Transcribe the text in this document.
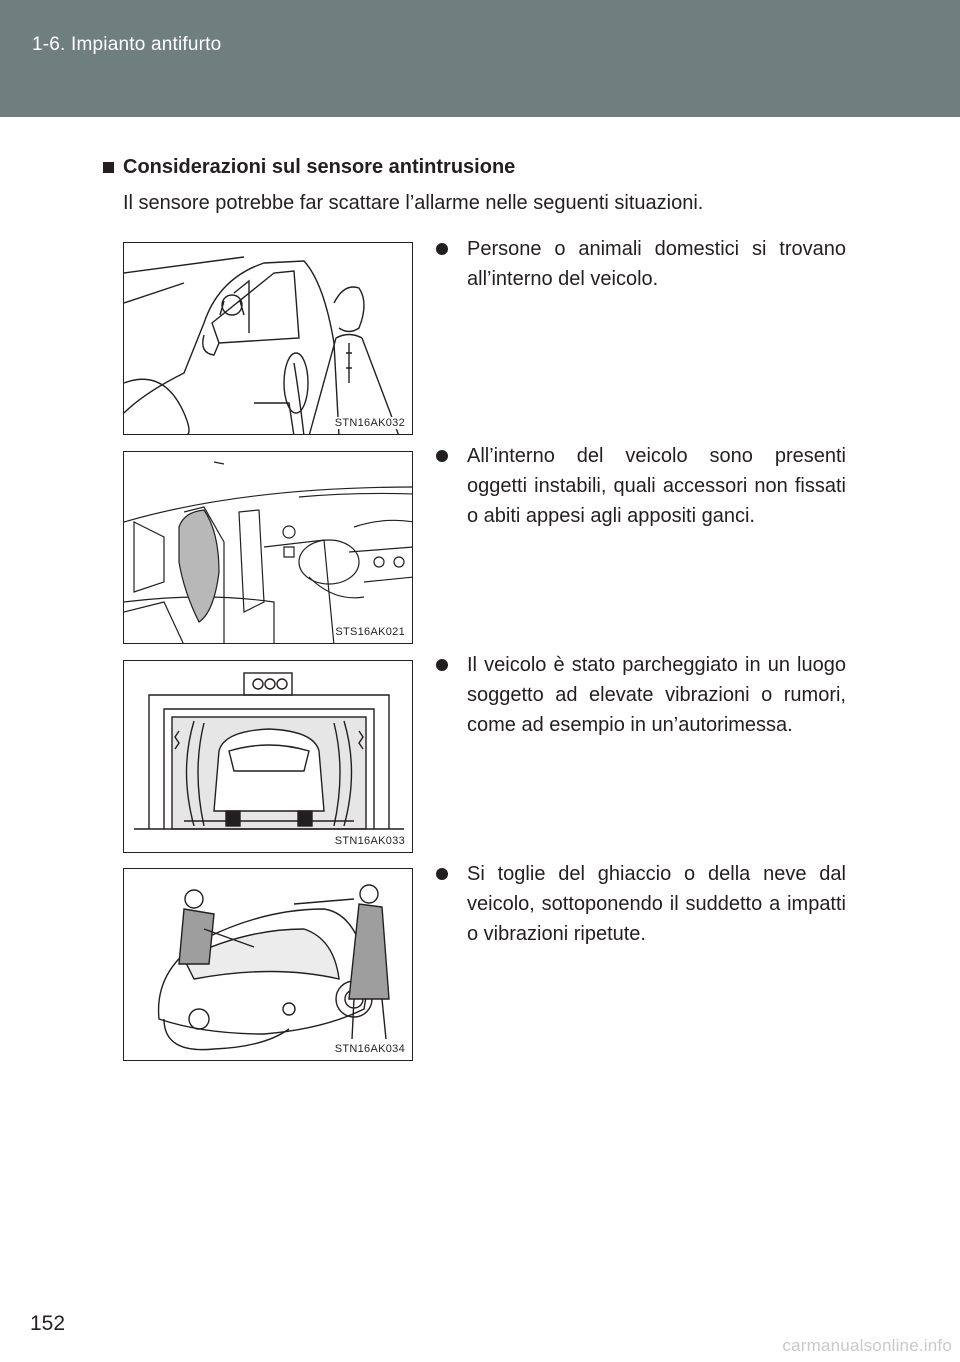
1-6. Impianto antifurto
Considerazioni sul sensore antintrusione
Il sensore potrebbe far scattare l’allarme nelle seguenti situazioni.
STN16AK032
STS16AK021
STN16AK033
STN16AK034
Persone o animali domestici si trovano all’interno del veicolo.
All’interno del veicolo sono presenti oggetti instabili, quali accessori non fissati o abiti appesi agli appositi ganci.
Il veicolo è stato parcheggiato in un luogo soggetto ad elevate vibrazioni o rumori, come ad esempio in un’autorimessa.
Si toglie del ghiaccio o della neve dal veicolo, sottoponendo il suddetto a impatti o vibrazioni ripetute.
152
carmanualsonline.info
